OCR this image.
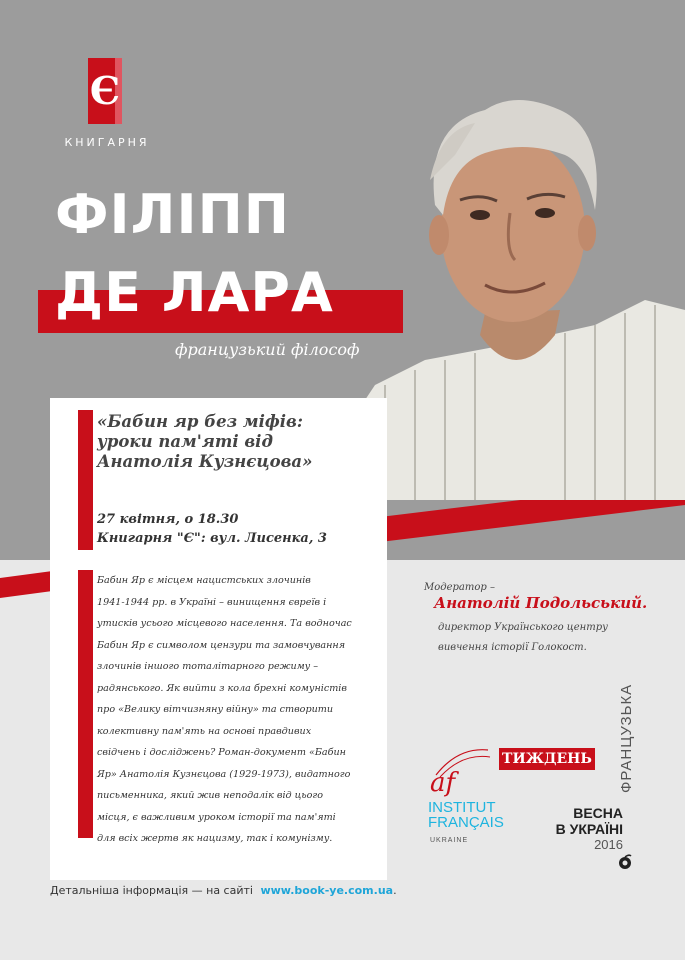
Є
КНИГАРНЯ
ФІЛІПП
ДЕ ЛАРА
французький філософ
«Бабин яр без міфів:
уроки пам'яті від
Анатолія Кузнєцова»
27 квітня, о 18.30
Книгарня "Є": вул. Лисенка, 3
Бабин Яр є місцем нацистських злочинів
1941-1944 рр. в Україні – винищення євреїв і
утисків усього місцевого населення. Та водночас
Бабин Яр є символом цензури та замовчування
злочинів іншого тоталітарного режиму –
радянського. Як вийти з кола брехні комуністів
про «Велику вітчизняну війну» та створити
колективну пам'ять на основі правдивих
свідчень і досліджень? Роман-документ «Бабин
Яр» Анатолія Кузнєцова (1929-1973), видатного
письменника, який жив неподалік від цього
місця, є важливим уроком історії та пам'яті
для всіх жертв як нацизму, так і комунізму.
Модератор –
Анатолій Подольський.
директор Українського центру
вивчення історії Голокост.
af
INSTITUT
FRANÇAIS
UKRAINE
ТИЖДЕНЬ
ВЕСНА
В УКРАЇНІ
2016
ФРАНЦУЗЬКА
Детальніша інформація — на сайті www.book-ye.com.ua.
